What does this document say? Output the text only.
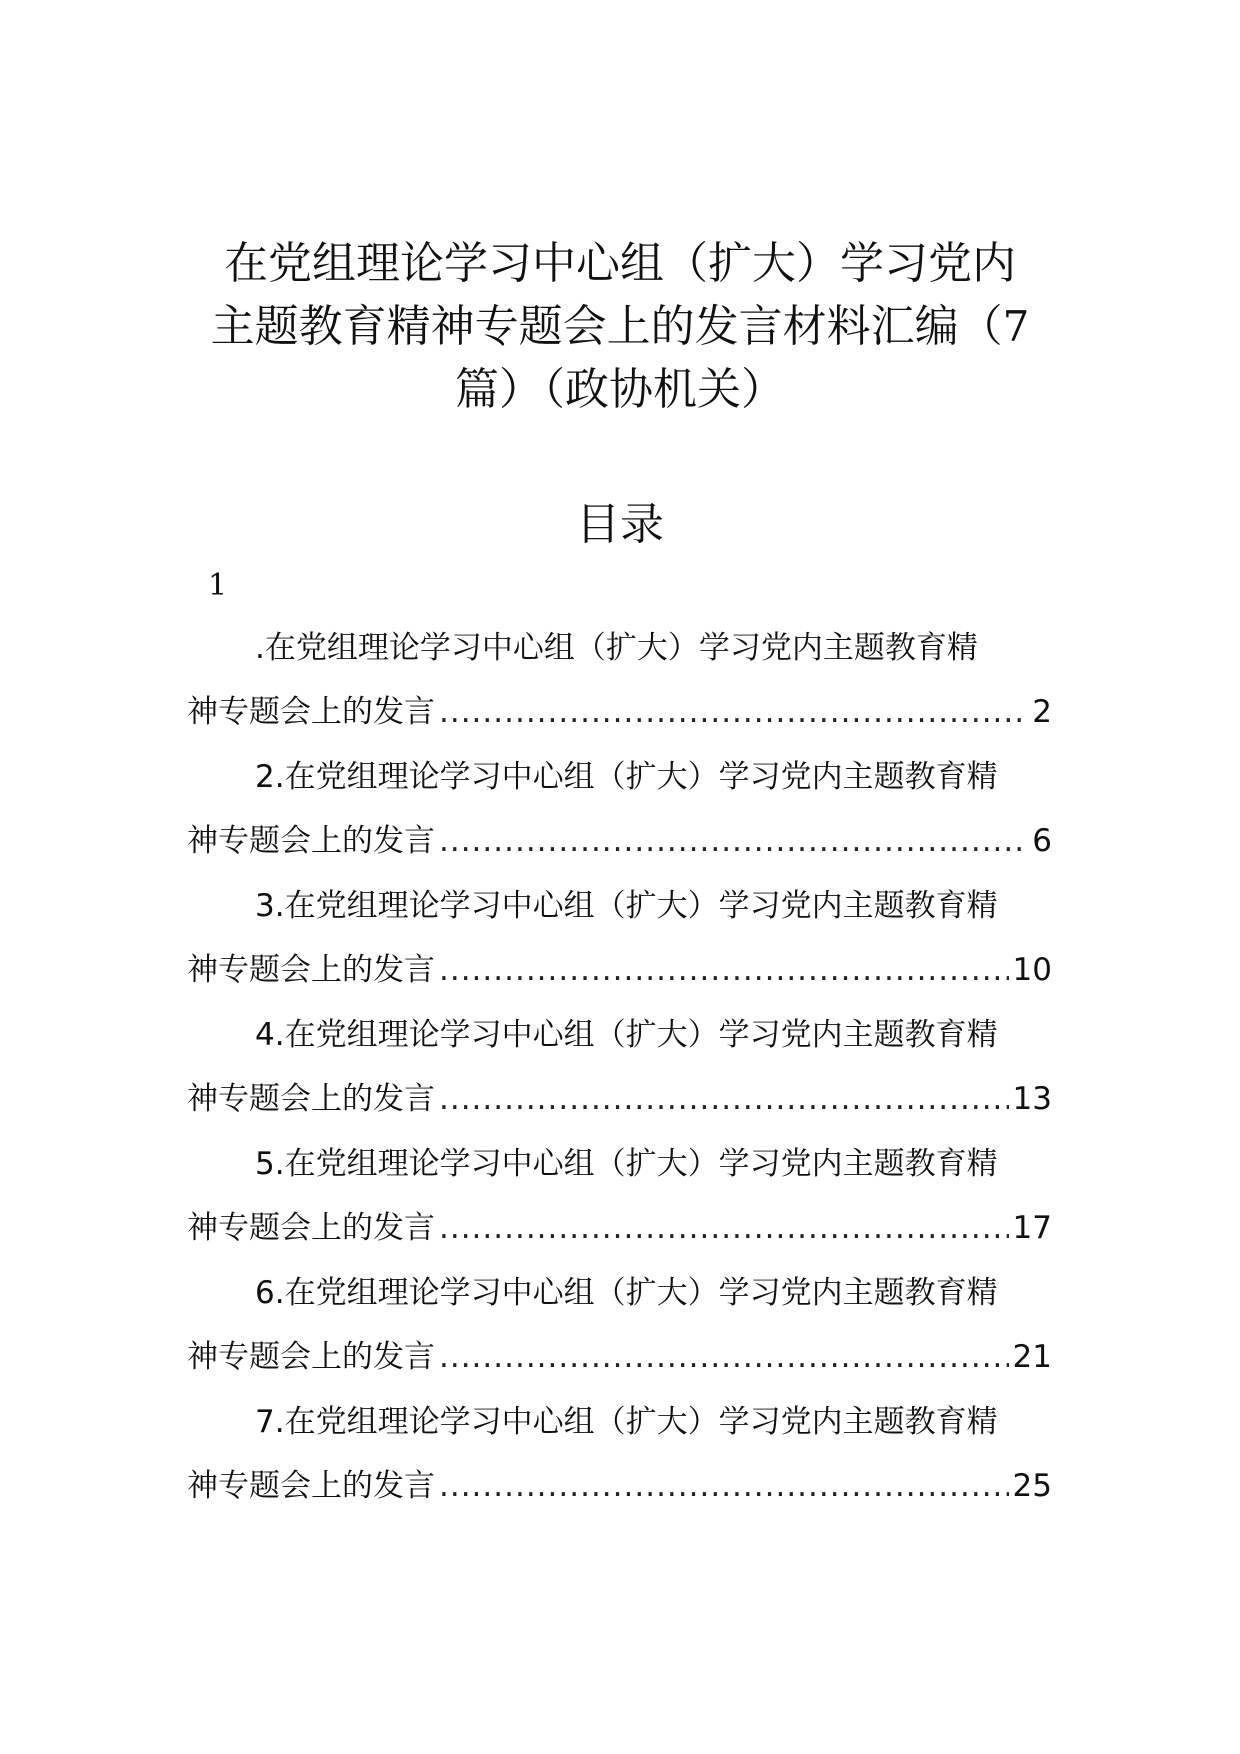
在党组理论学习中心组（扩大）学习党内
主题教育精神专题会上的发言材料汇编（7
篇）（政协机关）
目录
1
.在党组理论学习中心组（扩大）学习党内主题教育精
神专题会上的发言 .....	2
2.在党组理论学习中心组（扩大）学习党内主题教育精
神专题会上的发言 .....	6
3.在党组理论学习中心组（扩大）学习党内主题教育精
神专题会上的发言 .....	10
4.在党组理论学习中心组（扩大）学习党内主题教育精
神专题会上的发言 .....	13
5.在党组理论学习中心组（扩大）学习党内主题教育精
神专题会上的发言 .....	17
6.在党组理论学习中心组（扩大）学习党内主题教育精
神专题会上的发言 .....	21
7.在党组理论学习中心组（扩大）学习党内主题教育精
神专题会上的发言 .....	25
